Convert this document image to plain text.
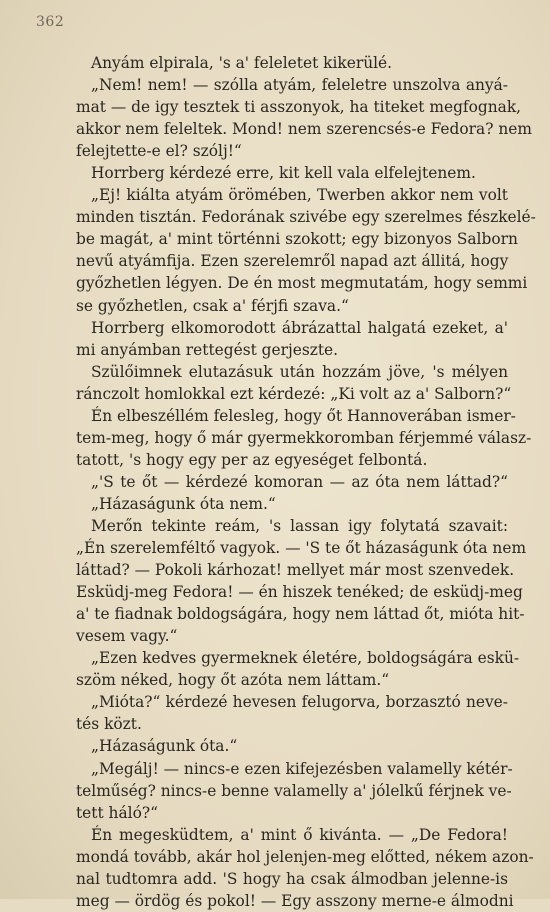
362
Anyám elpirala, 's a' feleletet kikerülé.
„Nem! nem! — szólla atyám, feleletre unszolva anyá-
mat — de igy tesztek ti asszonyok, ha titeket megfognak,
akkor nem feleltek. Mond! nem szerencsés-e Fedora? nem
felejtette-e el? szólj!“
Horrberg kérdezé erre, kit kell vala elfelejtenem.
„Ej! kiálta atyám örömében, Twerben akkor nem volt
minden tisztán. Fedorának szivébe egy szerelmes fészkelé-
be magát, a' mint történni szokott; egy bizonyos Salborn
nevű atyámfija. Ezen szerelemről napad azt állitá, hogy
győzhetlen légyen. De én most megmutatám, hogy semmi
se győzhetlen, csak a' férjfi szava.“
Horrberg elkomorodott ábrázattal halgatá ezeket, a'
mi anyámban rettegést gerjeszte.
Szülőimnek elutazásuk után hozzám jöve, 's mélyen
ránczolt homlokkal ezt kérdezé: „Ki volt az a' Salborn?“
Én elbeszéllém felesleg, hogy őt Hannoverában ismer-
tem-meg, hogy ő már gyermekkoromban férjemmé válasz-
tatott, 's hogy egy per az egyeséget felbontá.
„'S te őt — kérdezé komoran — az óta nem láttad?“
„Házaságunk óta nem.“
Merőn tekinte reám, 's lassan igy folytatá szavait:
„Én szerelemféltő vagyok. — 'S te őt házaságunk óta nem
láttad? — Pokoli kárhozat! mellyet már most szenvedek.
Esküdj-meg Fedora! — én hiszek tenéked; de esküdj-meg
a' te fiadnak boldogságára, hogy nem láttad őt, mióta hit-
vesem vagy.“
„Ezen kedves gyermeknek életére, boldogságára eskü-
szöm néked, hogy őt azóta nem láttam.“
„Mióta?“ kérdezé hevesen felugorva, borzasztó neve-
tés közt.
„Házaságunk óta.“
„Megálj! — nincs-e ezen kifejezésben valamelly kétér-
telműség? nincs-e benne valamelly a' jólelkű férjnek ve-
tett háló?“
Én megesküdtem, a' mint ő kivánta. — „De Fedora!
mondá tovább, akár hol jelenjen-meg előtted, nékem azon-
nal tudtomra add. 'S hogy ha csak álmodban jelenne-is
meg — ördög és pokol! — Egy asszony merne-e álmodni
